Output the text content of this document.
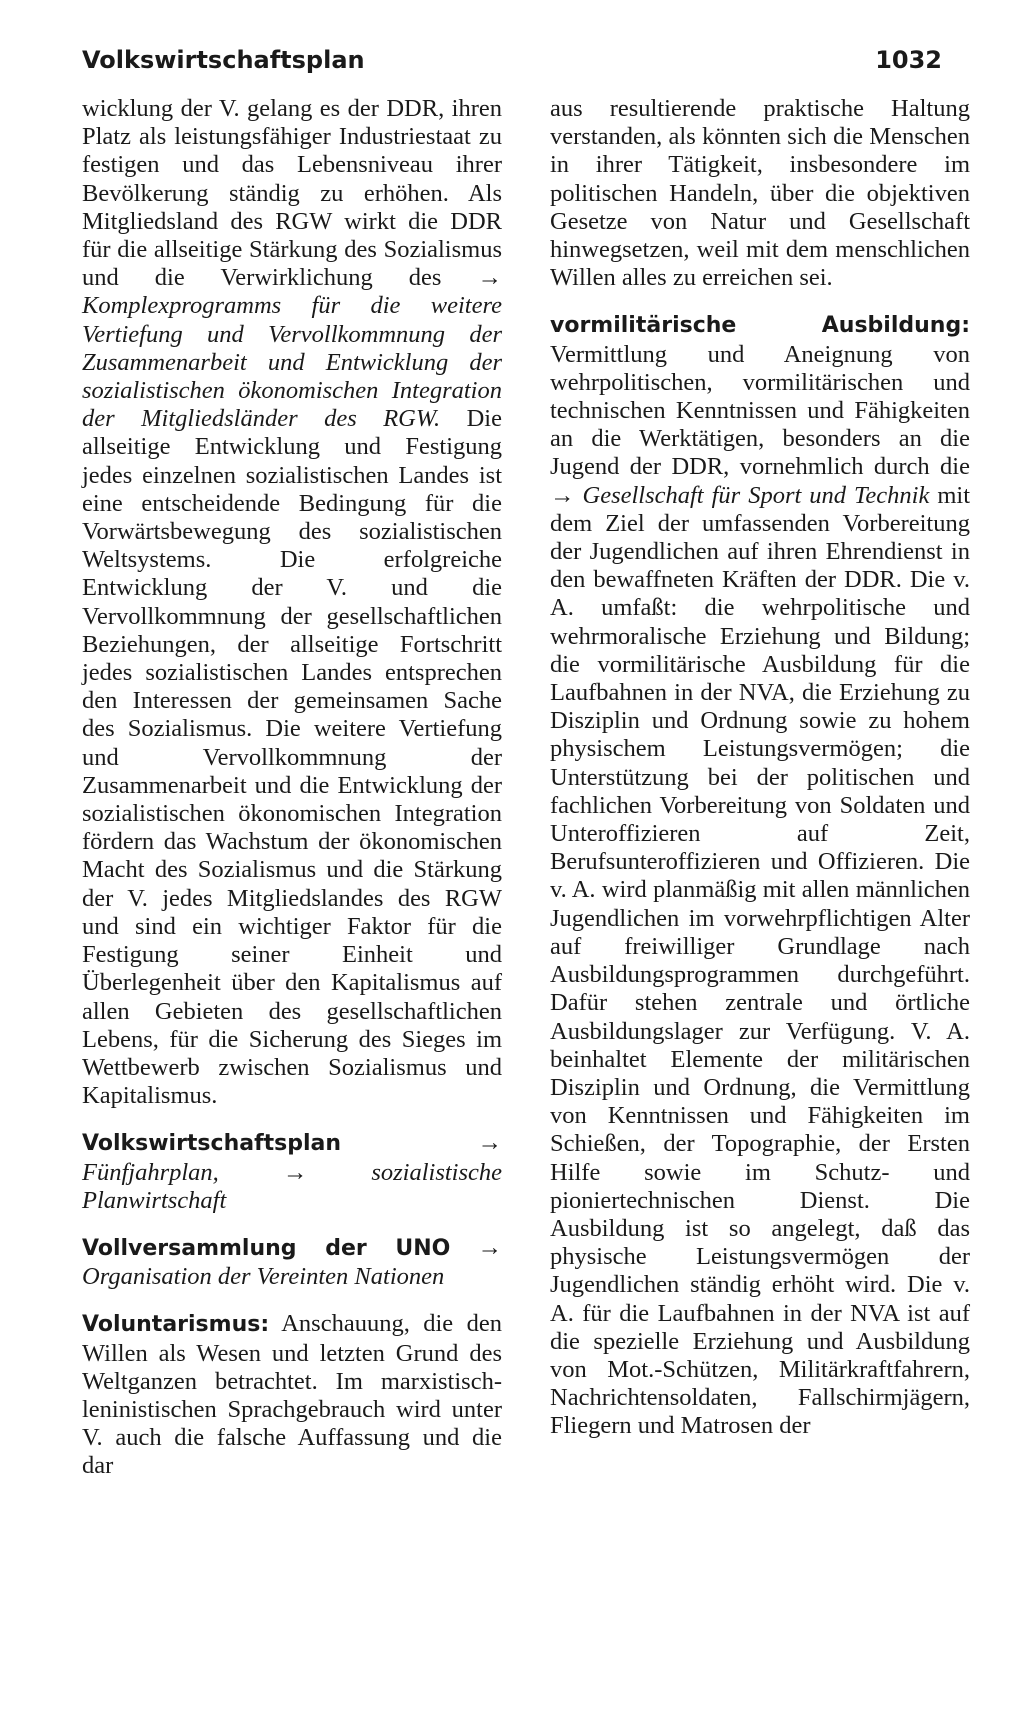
Volkswirtschaftsplan	1032

wicklung der V. gelang es der DDR, ihren Platz als leistungsfähiger Industriestaat zu festigen und das Lebensniveau ihrer Bevölkerung ständig zu erhöhen. Als Mitgliedsland des RGW wirkt die DDR für die allseitige Stärkung des Sozialismus und die Verwirklichung des → Komplexprogramms für die weitere Vertiefung und Vervollkommnung der Zusammenarbeit und Entwicklung der sozialistischen ökonomischen Integration der Mitgliedsländer des RGW. Die allseitige Entwicklung und Festigung jedes einzelnen sozialistischen Landes ist eine entscheidende Bedingung für die Vorwärtsbewegung des sozialistischen Weltsystems. Die erfolgreiche Entwicklung der V. und die Vervollkommnung der gesellschaftlichen Beziehungen, der allseitige Fortschritt jedes sozialistischen Landes entsprechen den Interessen der gemeinsamen Sache des Sozialismus. Die weitere Vertiefung und Vervollkommnung der Zusammenarbeit und die Entwicklung der sozialistischen ökonomischen Integration fördern das Wachstum der ökonomischen Macht des Sozialismus und die Stärkung der V. jedes Mitgliedslandes des RGW und sind ein wichtiger Faktor für die Festigung seiner Einheit und Überlegenheit über den Kapitalismus auf allen Gebieten des gesellschaftlichen Lebens, für die Sicherung des Sieges im Wettbewerb zwischen Sozialismus und Kapitalismus.

Volkswirtschaftsplan	→ Fünfjahrplan,	→	sozialistische Planwirtschaft

Vollversammlung der UNO → Organisation der Vereinten Nationen

Voluntarismus: Anschauung, die den Willen als Wesen und letzten Grund des Weltganzen betrachtet. Im marxistisch-leninistischen Sprachgebrauch wird unter V. auch die falsche Auffassung und die dar

aus resultierende praktische Haltung verstanden, als könnten sich die Menschen in ihrer Tätigkeit, insbesondere im politischen Handeln, über die objektiven Gesetze von Natur und Gesellschaft hinwegsetzen, weil mit dem menschlichen Willen alles zu erreichen sei.

vormilitärische Ausbildung: Vermittlung und Aneignung von wehrpolitischen, vormilitärischen und technischen Kenntnissen und Fähigkeiten an die Werktätigen, besonders an die Jugend der DDR, vornehmlich durch die → Gesellschaft für Sport und Technik mit dem Ziel der umfassenden Vorbereitung der Jugendlichen auf ihren Ehrendienst in den bewaffneten Kräften der DDR. Die v. A. umfaßt: die wehrpolitische und wehrmoralische Erziehung und Bildung; die vormilitärische Ausbildung für die Laufbahnen in der NVA, die Erziehung zu Disziplin und Ordnung sowie zu hohem physischem Leistungsvermögen; die Unterstützung bei der politischen und fachlichen Vorbereitung von Soldaten und Unteroffizieren auf Zeit, Berufsunteroffizieren und Offizieren. Die v. A. wird planmäßig mit allen männlichen Jugendlichen im vorwehrpflichtigen Alter auf freiwilliger Grundlage nach Ausbildungsprogrammen durchgeführt. Dafür stehen zentrale und örtliche Ausbildungslager zur Verfügung. V. A. beinhaltet Elemente der militärischen Disziplin und Ordnung, die Vermittlung von Kenntnissen und Fähigkeiten im Schießen, der Topographie, der Ersten Hilfe sowie im Schutz- und pioniertechnischen Dienst. Die Ausbildung ist so angelegt, daß das physische Leistungsvermögen der Jugendlichen ständig erhöht wird. Die v. A. für die Laufbahnen in der NVA ist auf die spezielle Erziehung und Ausbildung von Mot.-Schützen, Militärkraftfahrern, Nachrichtensoldaten, Fallschirmjägern, Fliegern und Matrosen der
